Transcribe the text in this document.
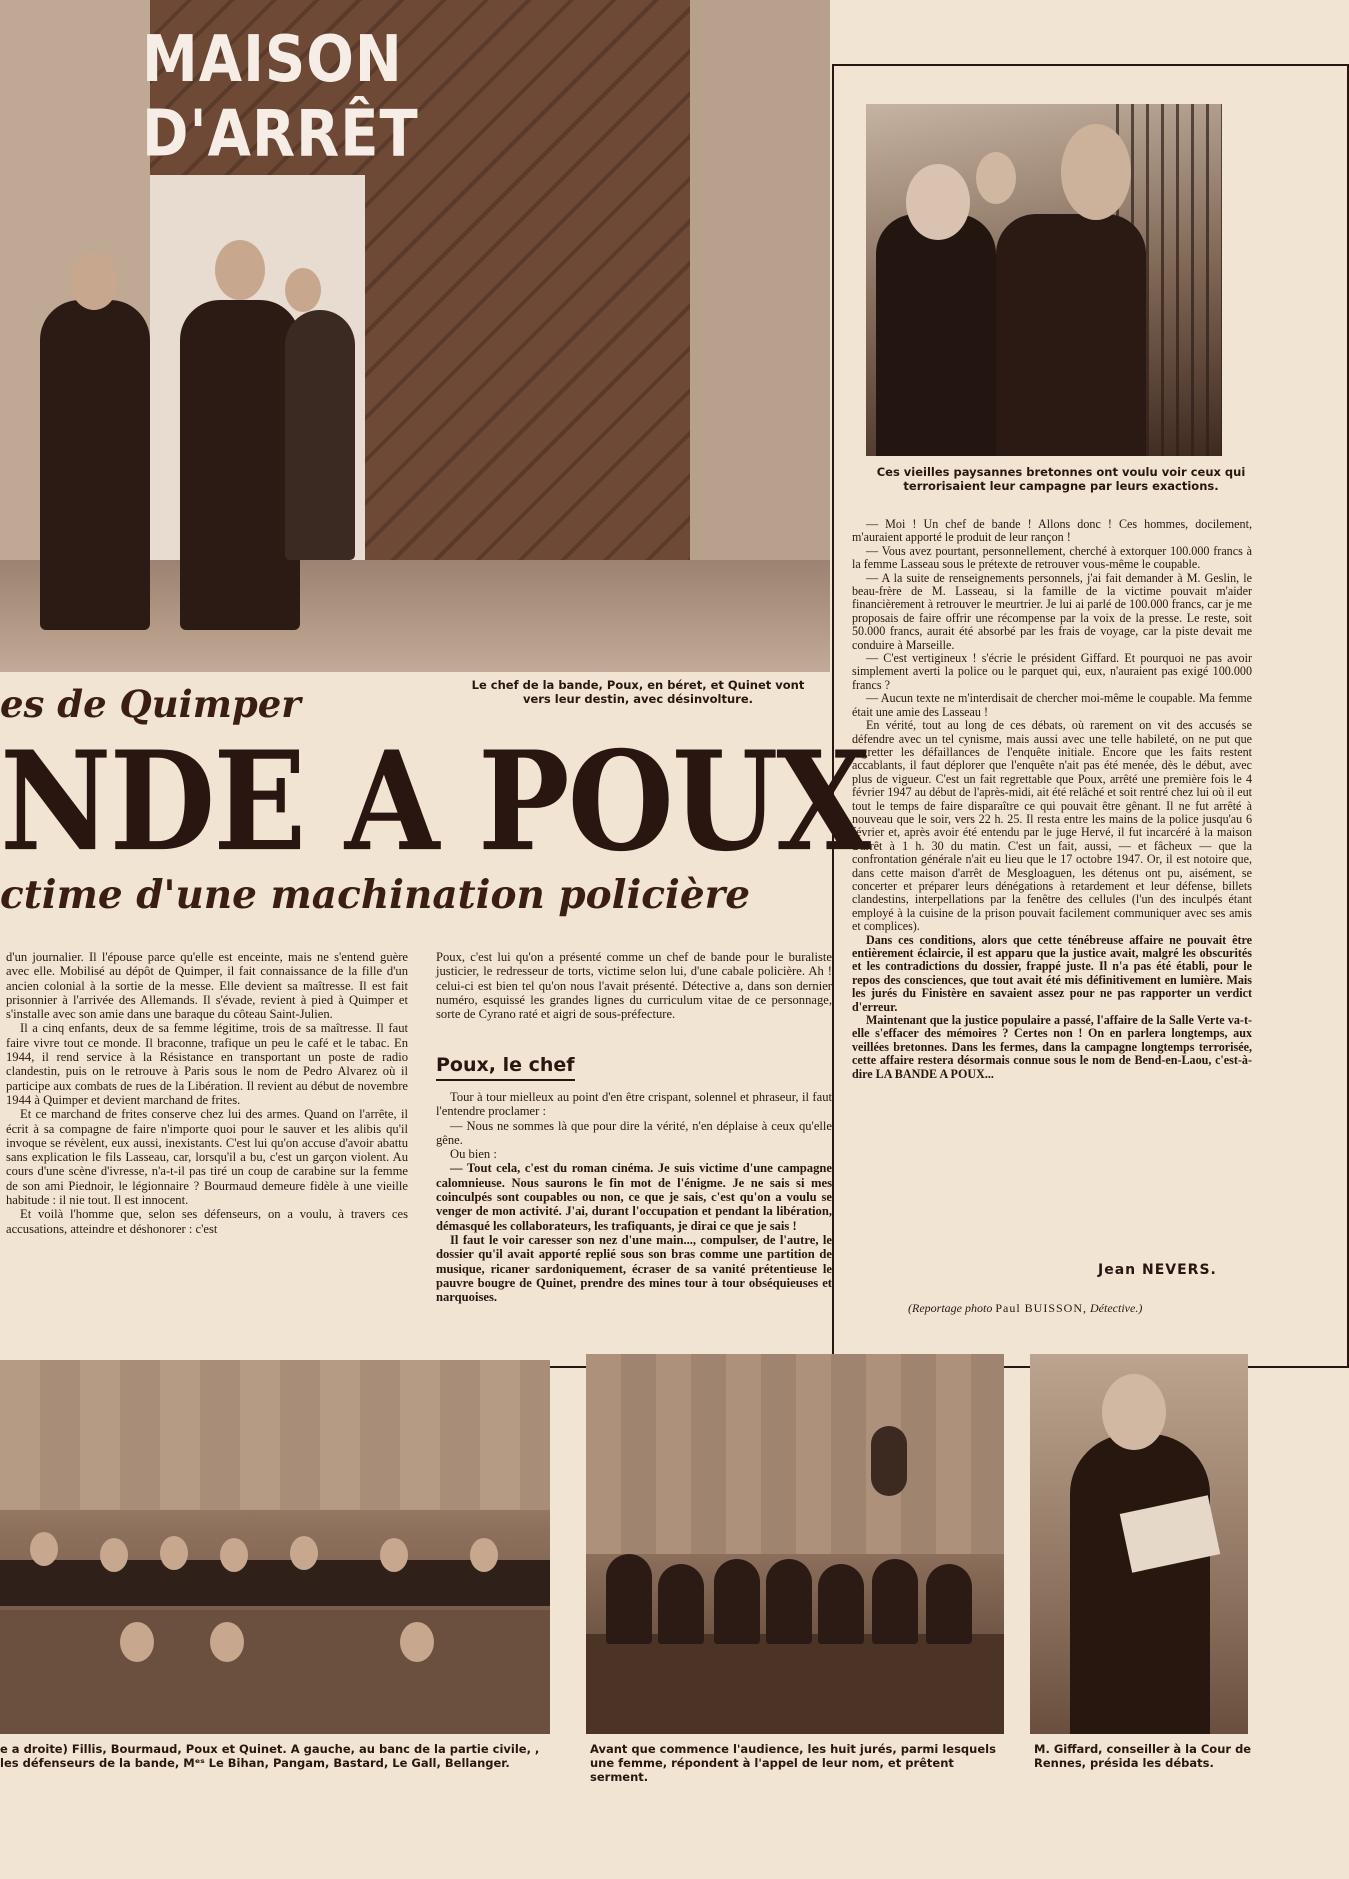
MAISON D'ARRÊT
Le chef de la bande, Poux, en béret, et Quinet vont vers leur destin, avec désinvolture.
Ces vieilles paysannes bretonnes ont voulu voir ceux qui terrorisaient leur campagne par leurs exactions.
es de Quimper
NDE A POUX
ctime d'une machination policière

d'un journalier. Il l'épouse parce qu'elle est enceinte, mais ne s'entend guère avec elle. Mobilisé au dépôt de Quimper, il fait connaissance de la fille d'un ancien colonial à la sortie de la messe. Elle devient sa maîtresse. Il est fait prisonnier à l'arrivée des Allemands. Il s'évade, revient à pied à Quimper et s'installe avec son amie dans une baraque du côteau Saint-Julien.

Il a cinq enfants, deux de sa femme légitime, trois de sa maîtresse. Il faut faire vivre tout ce monde. Il braconne, trafique un peu le café et le tabac. En 1944, il rend service à la Résistance en transportant un poste de radio clandestin, puis on le retrouve à Paris sous le nom de Pedro Alvarez où il participe aux combats de rues de la Libération. Il revient au début de novembre 1944 à Quimper et devient marchand de frites.

Et ce marchand de frites conserve chez lui des armes. Quand on l'arrête, il écrit à sa compagne de faire n'importe quoi pour le sauver et les alibis qu'il invoque se révèlent, eux aussi, inexistants. C'est lui qu'on accuse d'avoir abattu sans explication le fils Lasseau, car, lorsqu'il a bu, c'est un garçon violent. Au cours d'une scène d'ivresse, n'a-t-il pas tiré un coup de carabine sur la femme de son ami Piednoir, le légionnaire ? Bourmaud demeure fidèle à une vieille habitude : il nie tout. Il est innocent.

Et voilà l'homme que, selon ses défenseurs, on a voulu, à travers ces accusations, atteindre et déshonorer : c'est

Poux, c'est lui qu'on a présenté comme un chef de bande pour le buraliste justicier, le redresseur de torts, victime selon lui, d'une cabale policière. Ah ! celui-ci est bien tel qu'on nous l'avait présenté. Détective a, dans son dernier numéro, esquissé les grandes lignes du curriculum vitae de ce personnage, sorte de Cyrano raté et aigri de sous-préfecture.

Poux, le chef

Tour à tour mielleux au point d'en être crispant, solennel et phraseur, il faut l'entendre proclamer :

— Nous ne sommes là que pour dire la vérité, n'en déplaise à ceux qu'elle gêne.

Ou bien :

— Tout cela, c'est du roman cinéma. Je suis victime d'une campagne calomnieuse. Nous saurons le fin mot de l'énigme. Je ne sais si mes coinculpés sont coupables ou non, ce que je sais, c'est qu'on a voulu se venger de mon activité. J'ai, durant l'occupation et pendant la libération, démasqué les collaborateurs, les trafiquants, je dirai ce que je sais !

Il faut le voir caresser son nez d'une main..., compulser, de l'autre, le dossier qu'il avait apporté replié sous son bras comme une partition de musique, ricaner sardoniquement, écraser de sa vanité prétentieuse le pauvre bougre de Quinet, prendre des mines tour à tour obséquieuses et narquoises.

— Moi ! Un chef de bande ! Allons donc ! Ces hommes, docilement, m'auraient apporté le produit de leur rançon !

— Vous avez pourtant, personnellement, cherché à extorquer 100.000 francs à la femme Lasseau sous le prétexte de retrouver vous-même le coupable.

— A la suite de renseignements personnels, j'ai fait demander à M. Geslin, le beau-frère de M. Lasseau, si la famille de la victime pouvait m'aider financièrement à retrouver le meurtrier. Je lui ai parlé de 100.000 francs, car je me proposais de faire offrir une récompense par la voix de la presse. Le reste, soit 50.000 francs, aurait été absorbé par les frais de voyage, car la piste devait me conduire à Marseille.

— C'est vertigineux ! s'écrie le président Giffard. Et pourquoi ne pas avoir simplement averti la police ou le parquet qui, eux, n'auraient pas exigé 100.000 francs ?

— Aucun texte ne m'interdisait de chercher moi-même le coupable. Ma femme était une amie des Lasseau !

En vérité, tout au long de ces débats, où rarement on vit des accusés se défendre avec un tel cynisme, mais aussi avec une telle habileté, on ne put que regretter les défaillances de l'enquête initiale. Encore que les faits restent accablants, il faut déplorer que l'enquête n'ait pas été menée, dès le début, avec plus de vigueur. C'est un fait regrettable que Poux, arrêté une première fois le 4 février 1947 au début de l'après-midi, ait été relâché et soit rentré chez lui où il eut tout le temps de faire disparaître ce qui pouvait être gênant. Il ne fut arrêté à nouveau que le soir, vers 22 h. 25. Il resta entre les mains de la police jusqu'au 6 février et, après avoir été entendu par le juge Hervé, il fut incarcéré à la maison d'arrêt à 1 h. 30 du matin. C'est un fait, aussi, — et fâcheux — que la confrontation générale n'ait eu lieu que le 17 octobre 1947. Or, il est notoire que, dans cette maison d'arrêt de Mesgloaguen, les détenus ont pu, aisément, se concerter et préparer leurs dénégations à retardement et leur défense, billets clandestins, interpellations par la fenêtre des cellules (l'un des inculpés étant employé à la cuisine de la prison pouvait facilement communiquer avec ses amis et complices).

Dans ces conditions, alors que cette ténébreuse affaire ne pouvait être entièrement éclaircie, il est apparu que la justice avait, malgré les obscurités et les contradictions du dossier, frappé juste. Il n'a pas été établi, pour le repos des consciences, que tout avait été mis définitivement en lumière. Mais les jurés du Finistère en savaient assez pour ne pas rapporter un verdict d'erreur.

Maintenant que la justice populaire a passé, l'affaire de la Salle Verte va-t-elle s'effacer des mémoires ? Certes non ! On en parlera longtemps, aux veillées bretonnes. Dans les fermes, dans la campagne longtemps terrorisée, cette affaire restera désormais connue sous le nom de Bend-en-Laou, c'est-à-dire LA BANDE A POUX...

Jean NEVERS.
(Reportage photo Paul BUISSON, Détective.)
e a droite) Fillis, Bourmaud, Poux et Quinet. A gauche, au banc de la partie civile, , les défenseurs de la bande, Mᵉˢ Le Bihan, Pangam, Bastard, Le Gall, Bellanger.
Avant que commence l'audience, les huit jurés, parmi lesquels une femme, répondent à l'appel de leur nom, et prêtent serment.
M. Giffard, conseiller à la Cour de Rennes, présida les débats.
